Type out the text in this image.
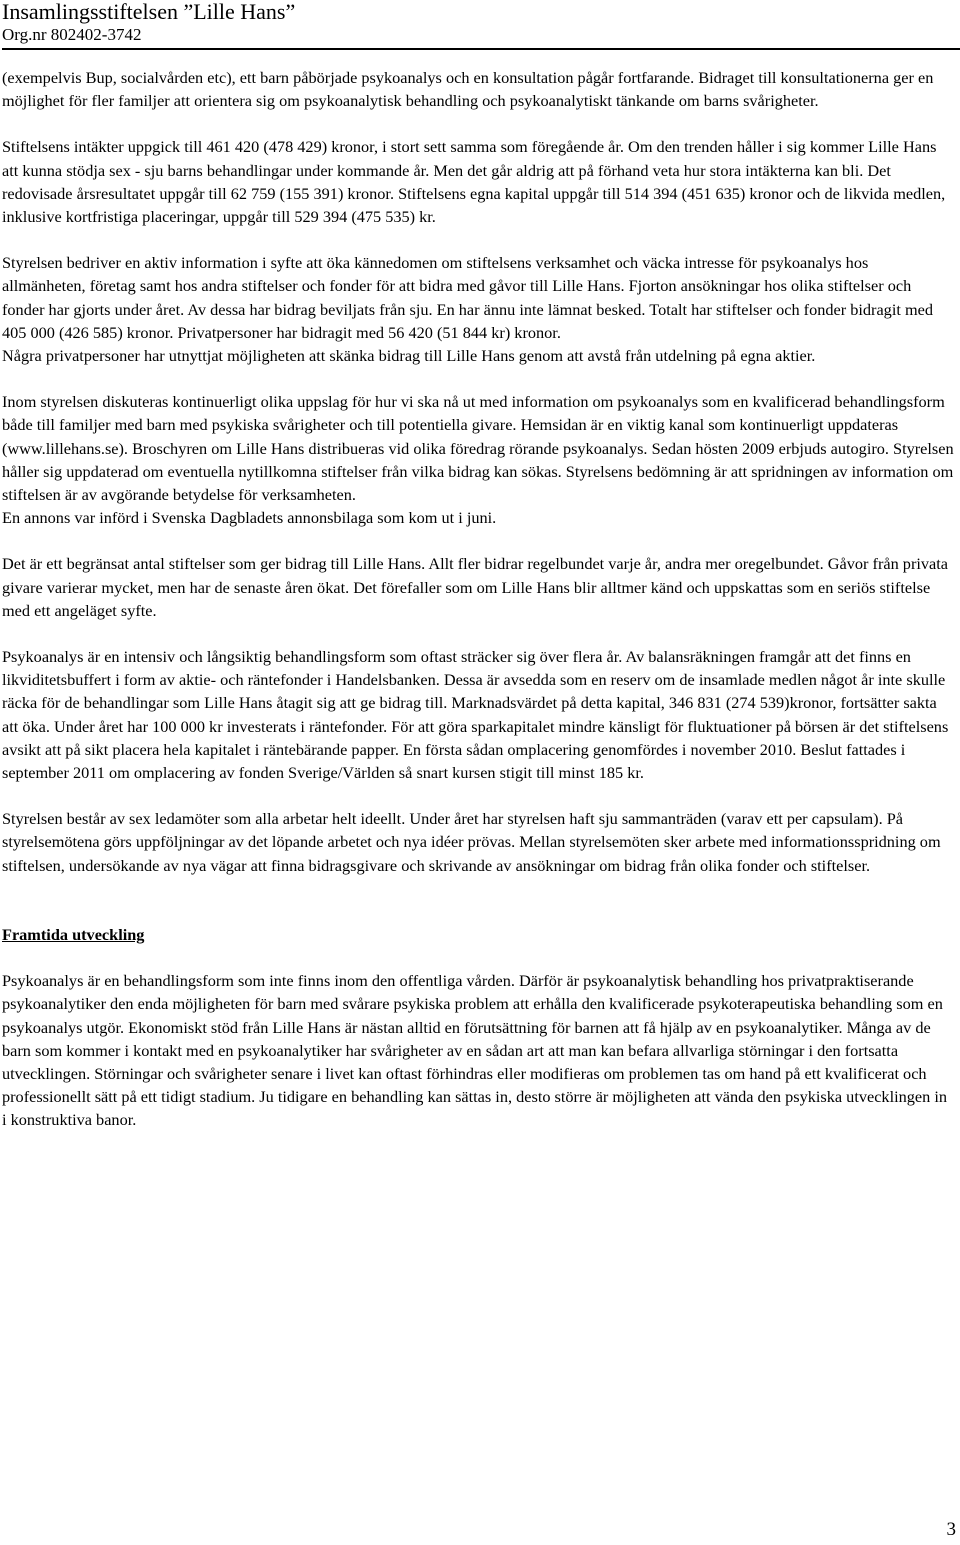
Insamlingsstiftelsen ”Lille Hans”
Org.nr 802402-3742

(exempelvis Bup, socialvården etc), ett barn påbörjade psykoanalys och en konsultation pågår fortfarande. Bidraget till konsultationerna ger en möjlighet för fler familjer att orientera sig om psykoanalytisk behandling och psykoanalytiskt tänkande om barns svårigheter.

Stiftelsens intäkter uppgick till 461 420 (478 429) kronor, i stort sett samma som föregående år. Om den trenden håller i sig kommer Lille Hans att kunna stödja sex - sju barns behandlingar under kommande år. Men det går aldrig att på förhand veta hur stora intäkterna kan bli. Det redovisade årsresultatet uppgår till 62 759 (155 391) kronor. Stiftelsens egna kapital uppgår till 514 394 (451 635) kronor och de likvida medlen, inklusive kortfristiga placeringar, uppgår till 529 394 (475 535) kr.

Styrelsen bedriver en aktiv information i syfte att öka kännedomen om stiftelsens verksamhet och väcka intresse för psykoanalys hos allmänheten, företag samt hos andra stiftelser och fonder för att bidra med gåvor till Lille Hans. Fjorton ansökningar hos olika stiftelser och fonder har gjorts under året. Av dessa har bidrag beviljats från sju. En har ännu inte lämnat besked. Totalt har stiftelser och fonder bidragit med 405 000 (426 585) kronor. Privatpersoner har bidragit med 56 420 (51 844 kr) kronor.

Några privatpersoner har utnyttjat möjligheten att skänka bidrag till Lille Hans genom att avstå från utdelning på egna aktier.

Inom styrelsen diskuteras kontinuerligt olika uppslag för hur vi ska nå ut med information om psykoanalys som en kvalificerad behandlingsform både till familjer med barn med psykiska svårigheter och till potentiella givare. Hemsidan är en viktig kanal som kontinuerligt uppdateras (www.lillehans.se). Broschyren om Lille Hans distribueras vid olika föredrag rörande psykoanalys. Sedan hösten 2009 erbjuds autogiro. Styrelsen håller sig uppdaterad om eventuella nytillkomna stiftelser från vilka bidrag kan sökas. Styrelsens bedömning är att spridningen av information om stiftelsen är av avgörande betydelse för verksamheten.

En annons var införd i Svenska Dagbladets annonsbilaga som kom ut i juni.

Det är ett begränsat antal stiftelser som ger bidrag till Lille Hans. Allt fler bidrar regelbundet varje år, andra mer oregelbundet. Gåvor från privata givare varierar mycket, men har de senaste åren ökat. Det förefaller som om Lille Hans blir alltmer känd och uppskattas som en seriös stiftelse med ett angeläget syfte.

Psykoanalys är en intensiv och långsiktig behandlingsform som oftast sträcker sig över flera år. Av balansräkningen framgår att det finns en likviditetsbuffert i form av aktie- och räntefonder i Handelsbanken. Dessa är avsedda som en reserv om de insamlade medlen något år inte skulle räcka för de behandlingar som Lille Hans åtagit sig att ge bidrag till. Marknadsvärdet på detta kapital, 346 831 (274 539)kronor, fortsätter sakta att öka. Under året har 100 000 kr investerats i räntefonder. För att göra sparkapitalet mindre känsligt för fluktuationer på börsen är det stiftelsens avsikt att på sikt placera hela kapitalet i räntebärande papper. En första sådan omplacering genomfördes i november 2010. Beslut fattades i september 2011 om omplacering av fonden Sverige/Världen så snart kursen stigit till minst 185 kr.

Styrelsen består av sex ledamöter som alla arbetar helt ideellt. Under året har styrelsen haft sju sammanträden (varav ett per capsulam). På styrelsemötena görs uppföljningar av det löpande arbetet och nya idéer prövas. Mellan styrelsemöten sker arbete med informationsspridning om stiftelsen, undersökande av nya vägar att finna bidragsgivare och skrivande av ansökningar om bidrag från olika fonder och stiftelser.

Framtida utveckling

Psykoanalys är en behandlingsform som inte finns inom den offentliga vården. Därför är psykoanalytisk behandling hos privatpraktiserande psykoanalytiker den enda möjligheten för barn med svårare psykiska problem att erhålla den kvalificerade psykoterapeutiska behandling som en psykoanalys utgör. Ekonomiskt stöd från Lille Hans är nästan alltid en förutsättning för barnen att få hjälp av en psykoanalytiker. Många av de barn som kommer i kontakt med en psykoanalytiker har svårigheter av en sådan art att man kan befara allvarliga störningar i den fortsatta utvecklingen. Störningar och svårigheter senare i livet kan oftast förhindras eller modifieras om problemen tas om hand på ett kvalificerat och professionellt sätt på ett tidigt stadium. Ju tidigare en behandling kan sättas in, desto större är möjligheten att vända den psykiska utvecklingen in i konstruktiva banor.

3
